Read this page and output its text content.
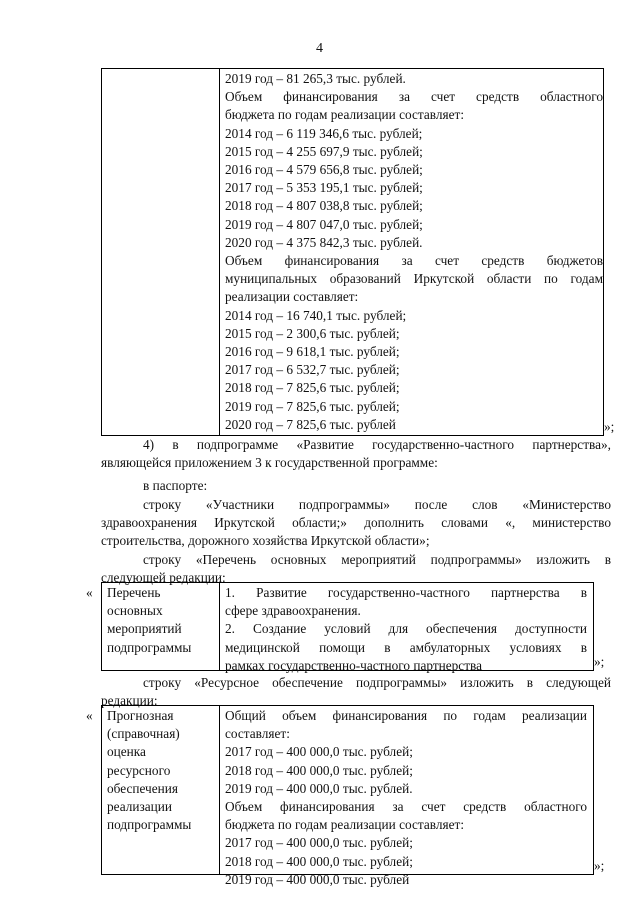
4
2019 год – 81 265,3 тыс. рублей.
Объем финансирования за счет средств областного
бюджета по годам реализации составляет:
2014 год – 6 119 346,6 тыс. рублей;
2015 год – 4 255 697,9 тыс. рублей;
2016 год – 4 579 656,8 тыс. рублей;
2017 год – 5 353 195,1 тыс. рублей;
2018 год – 4 807 038,8 тыс. рублей;
2019 год – 4 807 047,0 тыс. рублей;
2020 год – 4 375 842,3 тыс. рублей.
Объем финансирования за счет средств бюджетов
муниципальных образований Иркутской области по годам
реализации составляет:
2014 год – 16 740,1 тыс. рублей;
2015 год – 2 300,6 тыс. рублей;
2016 год – 9 618,1 тыс. рублей;
2017 год – 6 532,7 тыс. рублей;
2018 год – 7 825,6 тыс. рублей;
2019 год – 7 825,6 тыс. рублей;
2020 год – 7 825,6 тыс. рублей	»;
4) в подпрограмме «Развитие государственно-частного партнерства»,
являющейся приложением 3 к государственной программе:
в паспорте:
строку «Участники подпрограммы» после слов «Министерство
здравоохранения Иркутской области;» дополнить словами «, министерство
строительства, дорожного хозяйства Иркутской области»;
строку «Перечень основных мероприятий подпрограммы» изложить в
следующей редакции:
« Перечень
основных
мероприятий
подпрограммы
1. Развитие государственно-частного партнерства в
сфере здравоохранения.
2. Создание условий для обеспечения доступности
медицинской помощи в амбулаторных условиях в
рамках государственно-частного партнерства	»;
строку «Ресурсное обеспечение подпрограммы» изложить в следующей
редакции:
« Прогнозная
(справочная)
оценка
ресурсного
обеспечения
реализации
подпрограммы
Общий объем финансирования по годам реализации
составляет:
2017 год – 400 000,0 тыс. рублей;
2018 год – 400 000,0 тыс. рублей;
2019 год – 400 000,0 тыс. рублей.
Объем финансирования за счет средств областного
бюджета по годам реализации составляет:
2017 год – 400 000,0 тыс. рублей;
2018 год – 400 000,0 тыс. рублей;
2019 год – 400 000,0 тыс. рублей
»;
